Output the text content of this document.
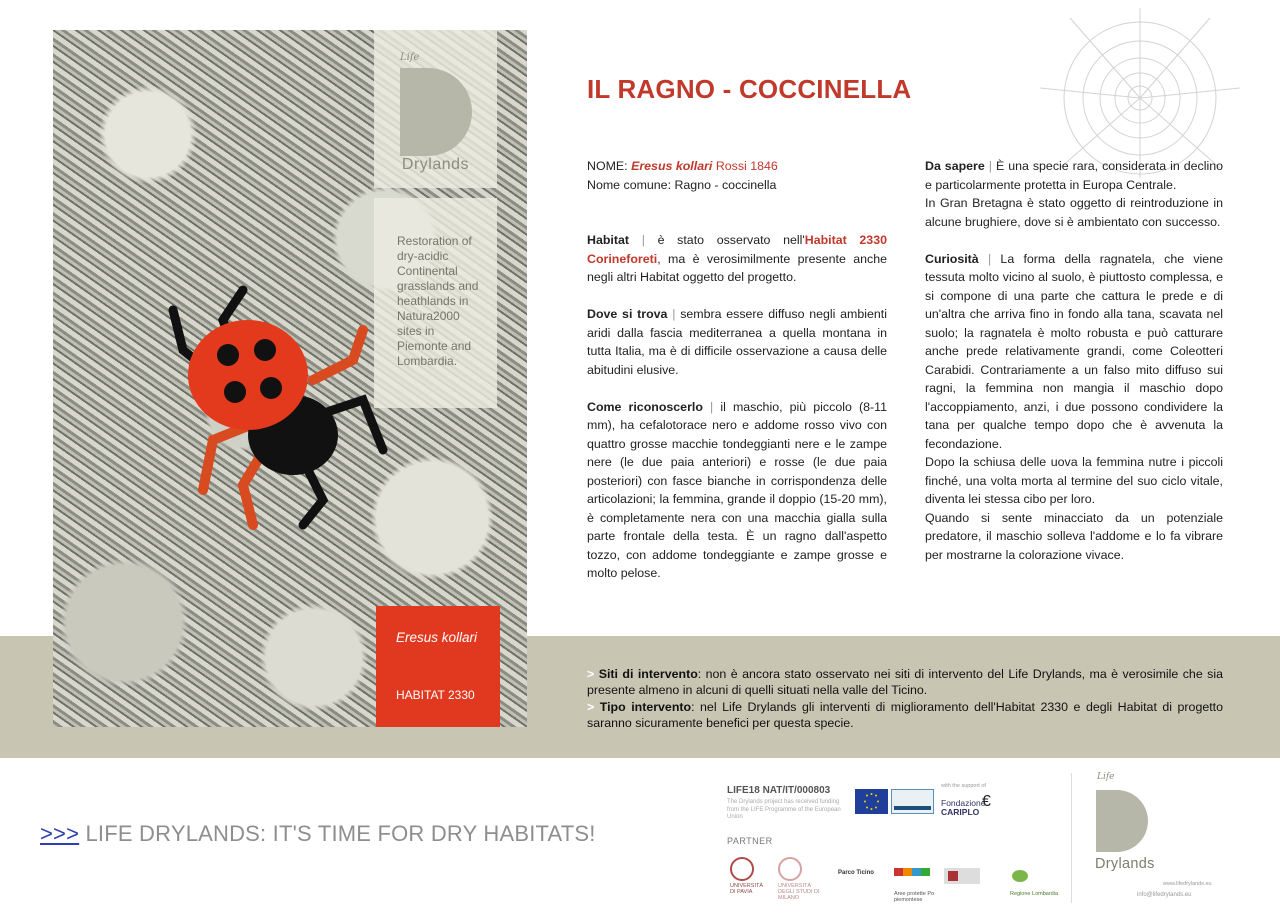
Life
Drylands
Restoration of dry-acidic Continental grasslands and heathlands in Natura2000 sites in Piemonte and Lombardia.
Eresus kollari
HABITAT 2330
IL RAGNO - COCCINELLA

NOME: Eresus kollari Rossi 1846
Nome comune: Ragno - coccinella

Habitat | è stato osservato nell'Habitat 2330 Corineforeti, ma è verosimilmente presente anche negli altri Habitat oggetto del progetto.

Dove si trova | sembra essere diffuso negli ambienti aridi dalla fascia mediterranea a quella montana in tutta Italia, ma è di difficile osservazione a causa delle abitudini elusive.

Come riconoscerlo | il maschio, più piccolo (8-11 mm), ha cefalotorace nero e addome rosso vivo con quattro grosse macchie tondeggianti nere e le zampe nere (le due paia anteriori) e rosse (le due paia posteriori) con fasce bianche in corrispondenza delle articolazioni; la femmina, grande il doppio (15-20 mm), è completamente nera con una macchia gialla sulla parte frontale della testa. È un ragno dall'aspetto tozzo, con addome tondeggiante e zampe grosse e molto pelose.

Da sapere | È una specie rara, considerata in declino e particolarmente protetta in Europa Centrale.
In Gran Bretagna è stato oggetto di reintroduzione in alcune brughiere, dove si è ambientato con successo.

Curiosità | La forma della ragnatela, che viene tessuta molto vicino al suolo, è piuttosto complessa, e si compone di una parte che cattura le prede e di un'altra che arriva fino in fondo alla tana, scavata nel suolo; la ragnatela è molto robusta e può catturare anche prede relativamente grandi, come Coleotteri Carabidi. Contrariamente a un falso mito diffuso sui ragni, la femmina non mangia il maschio dopo l'accoppiamento, anzi, i due possono condividere la tana per qualche tempo dopo che è avvenuta la fecondazione.
Dopo la schiusa delle uova la femmina nutre i piccoli finché, una volta morta al termine del suo ciclo vitale, diventa lei stessa cibo per loro.
Quando si sente minacciato da un potenziale predatore, il maschio solleva l'addome e lo fa vibrare per mostrarne la colorazione vivace.

> Siti di intervento: non è ancora stato osservato nei siti di intervento del Life Drylands, ma è verosimile che sia presente almeno in alcuni di quelli situati nella valle del Ticino.
> Tipo intervento: nel Life Drylands gli interventi di miglioramento dell'Habitat 2330 e degli Habitat di progetto saranno sicuramente benefici per questa specie.
>>> LIFE DRYLANDS: IT'S TIME FOR DRY HABITATS!
LIFE18 NAT/IT/000803
The Drylands project has received funding from the LIFE Programme of the European Union
with the support of
Fondazione
CARIPLO
€
PARTNER
UNIVERSITÀ DI PAVIA
UNIVERSITÀ DEGLI STUDI DI MILANO
Parco Ticino
Aree protette Po piemontese
Regione Lombardia
Life
Drylands
www.lifedrylands.eu
info@lifedrylands.eu
